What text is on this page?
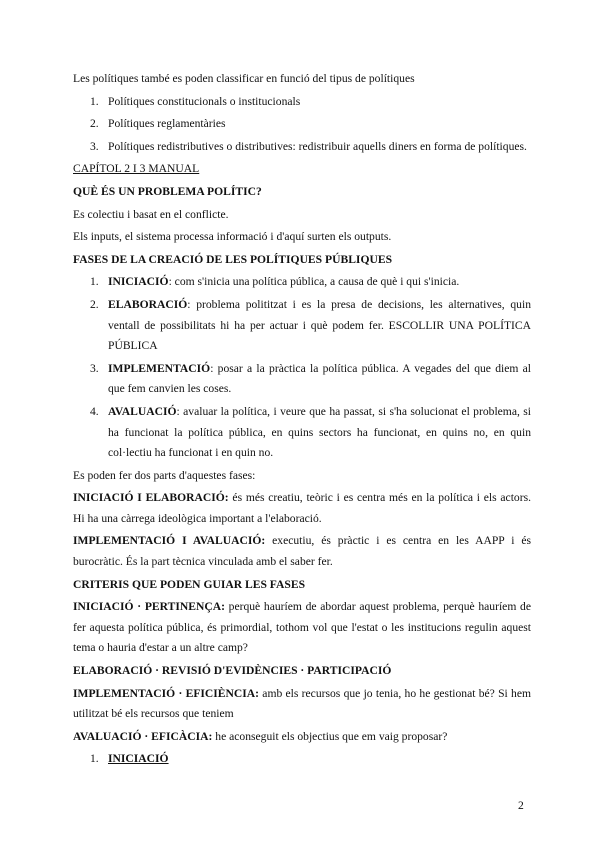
Les polítiques també es poden classificar en funció del tipus de polítiques

1. Polítiques constitucionals o institucionals
2. Polítiques reglamentàries
3. Polítiques redistributives o distributives: redistribuir aquells diners en forma de polítiques.

CAPÍTOL 2 I 3 MANUAL

QUÈ ÉS UN PROBLEMA POLÍTIC?

Es colectiu i basat en el conflicte.

Els inputs, el sistema processa informació i d'aquí surten els outputs.

FASES DE LA CREACIÓ DE LES POLÍTIQUES PÚBLIQUES

1. INICIACIÓ: com s'inicia una política pública, a causa de què i qui s'inicia.
2. ELABORACIÓ: problema polititzat i es la presa de decisions, les alternatives, quin ventall de possibilitats hi ha per actuar i què podem fer. ESCOLLIR UNA POLÍTICA PÚBLICA
3. IMPLEMENTACIÓ: posar a la pràctica la política pública. A vegades del que diem al que fem canvien les coses.
4. AVALUACIÓ: avaluar la política, i veure que ha passat, si s'ha solucionat el problema, si ha funcionat la política pública, en quins sectors ha funcionat, en quins no, en quin col·lectiu ha funcionat i en quin no.

Es poden fer dos parts d'aquestes fases:

INICIACIÓ I ELABORACIÓ: és més creatiu, teòric i es centra més en la política i els actors. Hi ha una càrrega ideològica important a l'elaboració.

IMPLEMENTACIÓ I AVALUACIÓ: executiu, és pràctic i es centra en les AAPP i és burocràtic. És la part tècnica vinculada amb el saber fer.

CRITERIS QUE PODEN GUIAR LES FASES

INICIACIÓ · PERTINENÇA: perquè hauríem de abordar aquest problema, perquè hauríem de fer aquesta política pública, és primordial, tothom vol que l'estat o les institucions regulin aquest tema o hauria d'estar a un altre camp?

ELABORACIÓ · REVISIÓ D'EVIDÈNCIES · PARTICIPACIÓ

IMPLEMENTACIÓ · EFICIÈNCIA: amb els recursos que jo tenia, ho he gestionat bé? Si hem utilitzat bé els recursos que teniem

AVALUACIÓ · EFICÀCIA: he aconseguit els objectius que em vaig proposar?

1. INICIACIÓ
2
